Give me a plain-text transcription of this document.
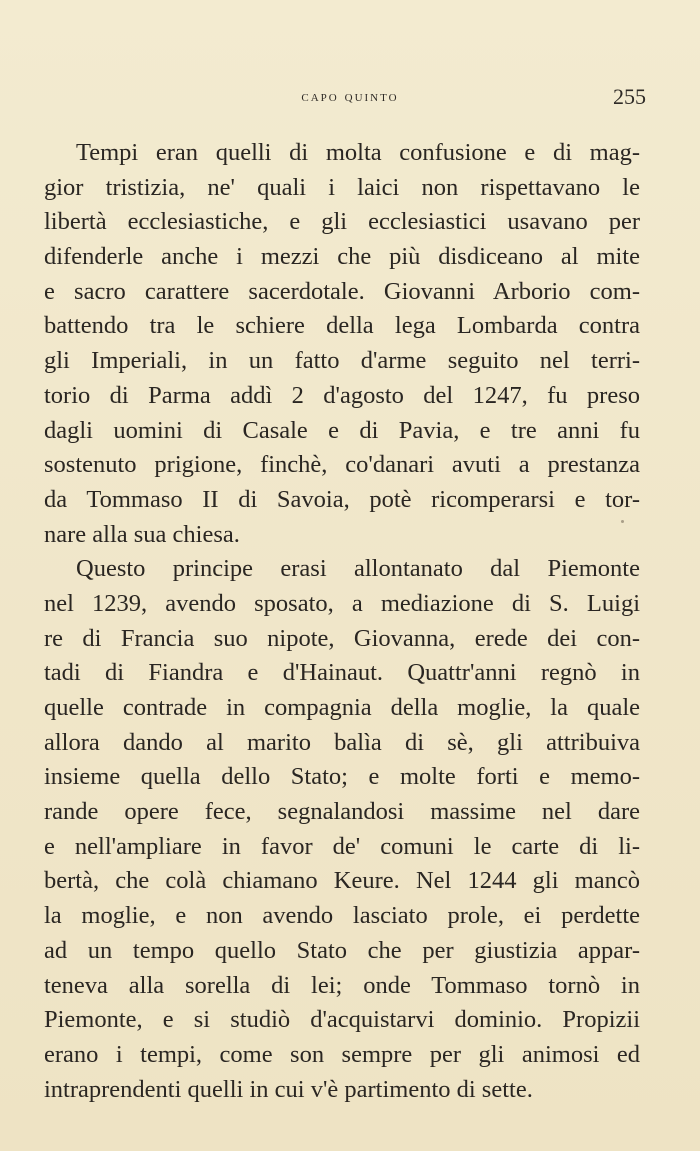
capo quinto	255
Tempi eran quelli di molta confusione e di mag-
gior tristizia, ne' quali i laici non rispettavano le
libertà ecclesiastiche, e gli ecclesiastici usavano per
difenderle anche i mezzi che più disdiceano al mite
e sacro carattere sacerdotale. Giovanni Arborio com-
battendo tra le schiere della lega Lombarda contra
gli Imperiali, in un fatto d'arme seguito nel terri-
torio di Parma addì 2 d'agosto del 1247, fu preso
dagli uomini di Casale e di Pavia, e tre anni fu
sostenuto prigione, finchè, co'danari avuti a prestanza
da Tommaso II di Savoia, potè ricomperarsi e tor-
nare alla sua chiesa.
Questo principe erasi allontanato dal Piemonte
nel 1239, avendo sposato, a mediazione di S. Luigi
re di Francia suo nipote, Giovanna, erede dei con-
tadi di Fiandra e d'Hainaut. Quattr'anni regnò in
quelle contrade in compagnia della moglie, la quale
allora dando al marito balìa di sè, gli attribuiva
insieme quella dello Stato; e molte forti e memo-
rande opere fece, segnalandosi massime nel dare
e nell'ampliare in favor de' comuni le carte di li-
bertà, che colà chiamano Keure. Nel 1244 gli mancò
la moglie, e non avendo lasciato prole, ei perdette
ad un tempo quello Stato che per giustizia appar-
teneva alla sorella di lei; onde Tommaso tornò in
Piemonte, e si studiò d'acquistarvi dominio. Propizii
erano i tempi, come son sempre per gli animosi ed
intraprendenti quelli in cui v'è partimento di sette.
